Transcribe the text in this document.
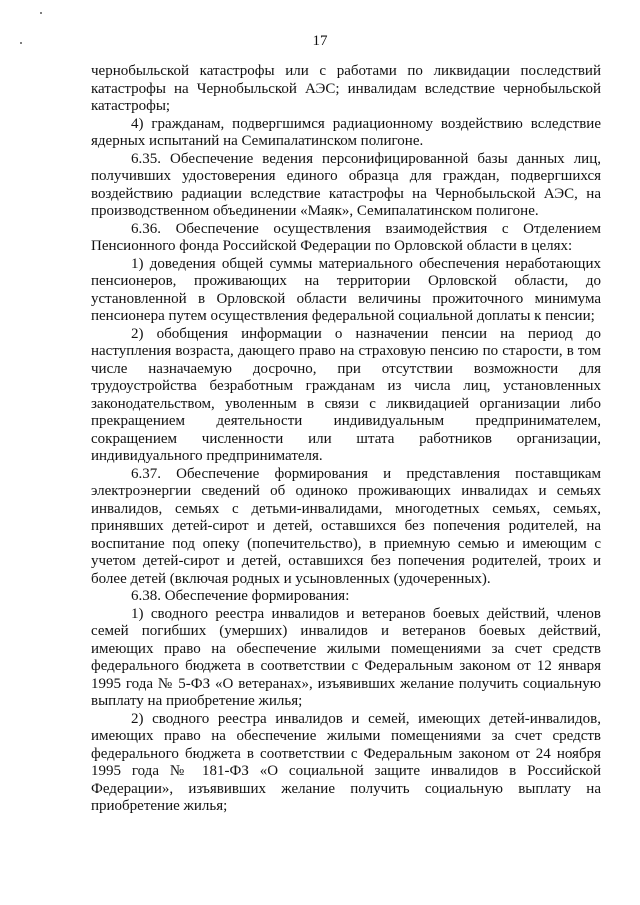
17

чернобыльской катастрофы или с работами по ликвидации последствий катастрофы на Чернобыльской АЭС; инвалидам вследствие чернобыльской катастрофы;

4) гражданам, подвергшимся радиационному воздействию вследствие ядерных испытаний на Семипалатинском полигоне.

6.35. Обеспечение ведения персонифицированной базы данных лиц, получивших удостоверения единого образца для граждан, подвергшихся воздействию радиации вследствие катастрофы на Чернобыльской АЭС, на производственном объединении «Маяк», Семипалатинском полигоне.

6.36. Обеспечение осуществления взаимодействия с Отделением Пенсионного фонда Российской Федерации по Орловской области в целях:

1) доведения общей суммы материального обеспечения неработающих пенсионеров, проживающих на территории Орловской области, до установленной в Орловской области величины прожиточного минимума пенсионера путем осуществления федеральной социальной доплаты к пенсии;

2) обобщения информации о назначении пенсии на период до наступления возраста, дающего право на страховую пенсию по старости, в том числе назначаемую досрочно, при отсутствии возможности для трудоустройства безработным гражданам из числа лиц, установленных законодательством, уволенным в связи с ликвидацией организации либо прекращением деятельности индивидуальным предпринимателем, сокращением численности или штата работников организации, индивидуального предпринимателя.

6.37. Обеспечение формирования и представления поставщикам электроэнергии сведений об одиноко проживающих инвалидах и семьях инвалидов, семьях с детьми-инвалидами, многодетных семьях, семьях, принявших детей-сирот и детей, оставшихся без попечения родителей, на воспитание под опеку (попечительство), в приемную семью и имеющим с учетом детей-сирот и детей, оставшихся без попечения родителей, троих и более детей (включая родных и усыновленных (удочеренных).

6.38. Обеспечение формирования:

1) сводного реестра инвалидов и ветеранов боевых действий, членов семей погибших (умерших) инвалидов и ветеранов боевых действий, имеющих право на обеспечение жилыми помещениями за счет средств федерального бюджета в соответствии с Федеральным законом от 12 января 1995 года № 5-ФЗ «О ветеранах», изъявивших желание получить социальную выплату на приобретение жилья;

2) сводного реестра инвалидов и семей, имеющих детей-инвалидов, имеющих право на обеспечение жилыми помещениями за счет средств федерального бюджета в соответствии с Федеральным законом от 24 ноября 1995 года № 181-ФЗ «О социальной защите инвалидов в Российской Федерации», изъявивших желание получить социальную выплату на приобретение жилья;
